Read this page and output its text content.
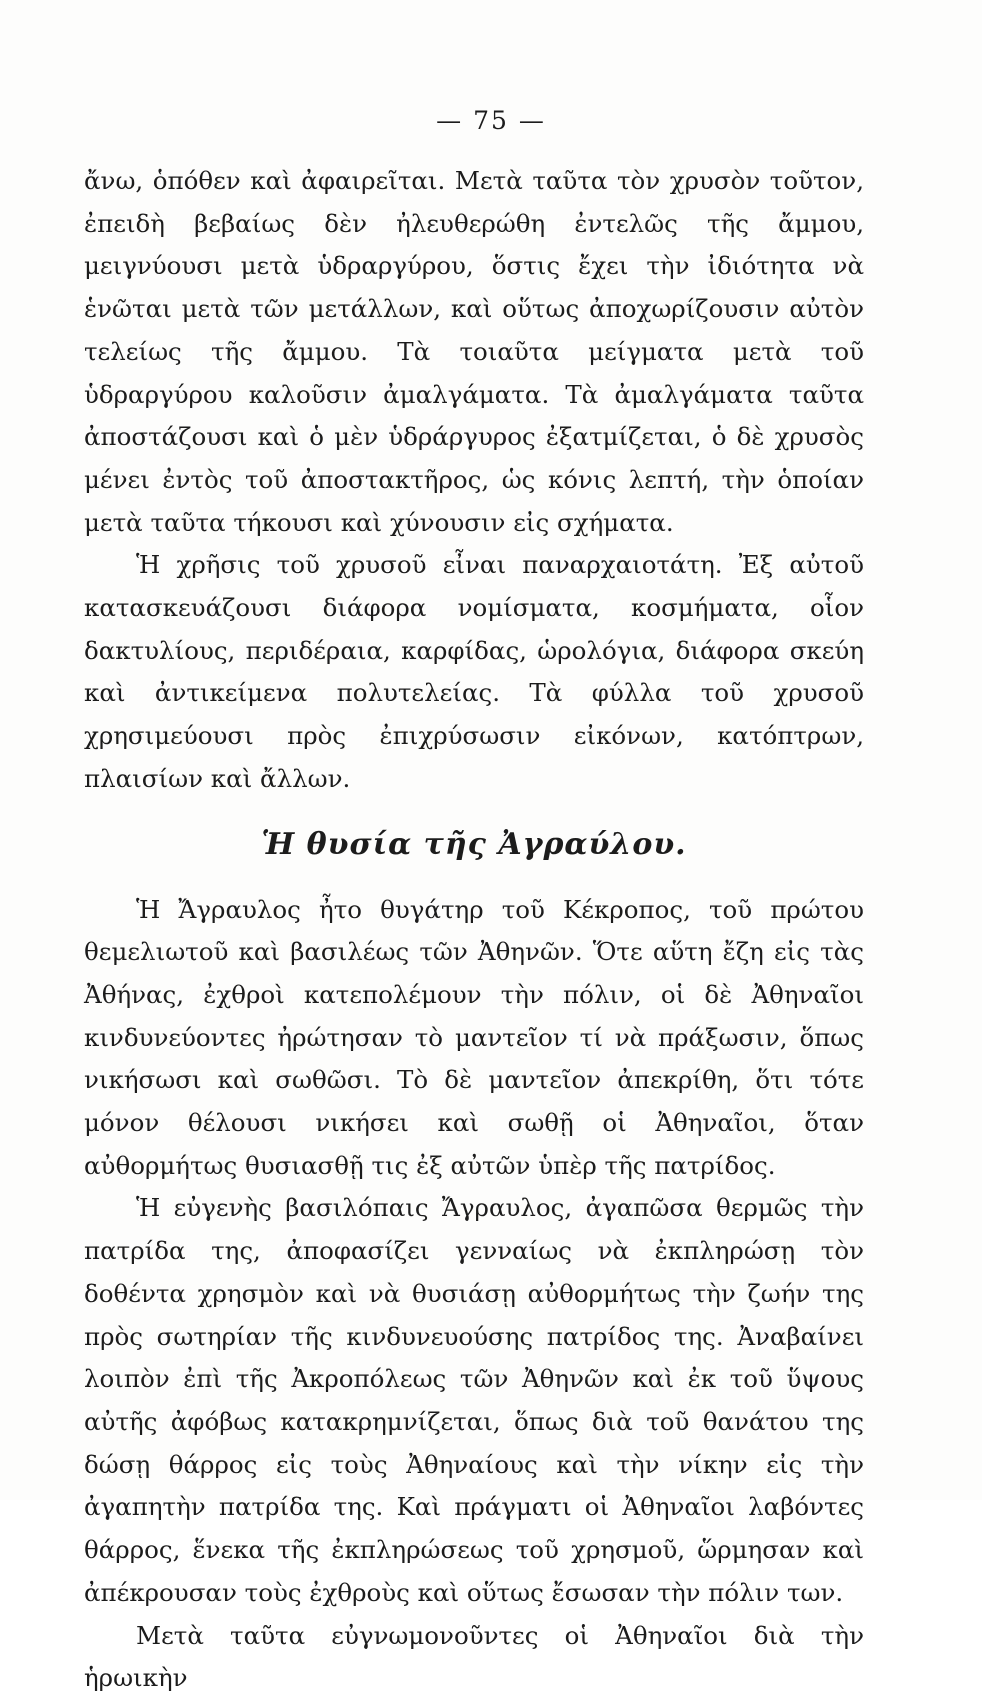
— 75 —

ἄνω, ὁπόθεν καὶ ἀφαιρεῖται. Μετὰ ταῦτα τὸν χρυσὸν τοῦτον, ἐπειδὴ βεβαίως δὲν ἠλευθερώθη ἐντελῶς τῆς ἄμμου, μειγνύουσι μετὰ ὑδραργύρου, ὅστις ἔχει τὴν ἰδιότητα νὰ ἑνῶται μετὰ τῶν μετάλλων, καὶ οὕτως ἀποχωρίζουσιν αὐτὸν τελείως τῆς ἄμμου. Τὰ τοιαῦτα μείγματα μετὰ τοῦ ὑδραργύρου καλοῦσιν ἀμαλγάματα. Τὰ ἀμαλγάματα ταῦτα ἀποστάζουσι καὶ ὁ μὲν ὑδράργυρος ἐξατμίζεται, ὁ δὲ χρυσὸς μένει ἐντὸς τοῦ ἀποστακτῆρος, ὡς κόνις λεπτή, τὴν ὁποίαν μετὰ ταῦτα τήκουσι καὶ χύνουσιν εἰς σχήματα.

Ἡ χρῆσις τοῦ χρυσοῦ εἶναι παναρχαιοτάτη. Ἐξ αὐτοῦ κατασκευάζουσι διάφορα νομίσματα, κοσμήματα, οἷον δακτυλίους, περιδέραια, καρφίδας, ὡρολόγια, διάφορα σκεύη καὶ ἀντικείμενα πολυτελείας. Τὰ φύλλα τοῦ χρυσοῦ χρησιμεύουσι πρὸς ἐπιχρύσωσιν εἰκόνων, κατόπτρων, πλαισίων καὶ ἄλλων.

Ἡ θυσία τῆς Ἀγραύλου.

Ἡ Ἄγραυλος ἦτο θυγάτηρ τοῦ Κέκροπος, τοῦ πρώτου θεμελιωτοῦ καὶ βασιλέως τῶν Ἀθηνῶν. Ὅτε αὕτη ἔζη εἰς τὰς Ἀθήνας, ἐχθροὶ κατεπολέμουν τὴν πόλιν, οἱ δὲ Ἀθηναῖοι κινδυνεύοντες ἠρώτησαν τὸ μαντεῖον τί νὰ πράξωσιν, ὅπως νικήσωσι καὶ σωθῶσι. Τὸ δὲ μαντεῖον ἀπεκρίθη, ὅτι τότε μόνον θέλουσι νικήσει καὶ σωθῇ οἱ Ἀθηναῖοι, ὅταν αὐθορμήτως θυσιασθῇ τις ἐξ αὐτῶν ὑπὲρ τῆς πατρίδος.

Ἡ εὐγενὴς βασιλόπαις Ἄγραυλος, ἀγαπῶσα θερμῶς τὴν πατρίδα της, ἀποφασίζει γενναίως νὰ ἐκπληρώσῃ τὸν δοθέντα χρησμὸν καὶ νὰ θυσιάσῃ αὐθορμήτως τὴν ζωήν της πρὸς σωτηρίαν τῆς κινδυνευούσης πατρίδος της. Ἀναβαίνει λοιπὸν ἐπὶ τῆς Ἀκροπόλεως τῶν Ἀθηνῶν καὶ ἐκ τοῦ ὕψους αὐτῆς ἀφόβως κατακρημνίζεται, ὅπως διὰ τοῦ θανάτου της δώσῃ θάρρος εἰς τοὺς Ἀθηναίους καὶ τὴν νίκην εἰς τὴν ἀγαπητὴν πατρίδα της. Καὶ πράγματι οἱ Ἀθηναῖοι λαβόντες θάρρος, ἕνεκα τῆς ἐκπληρώσεως τοῦ χρησμοῦ, ὥρμησαν καὶ ἀπέκρουσαν τοὺς ἐχθροὺς καὶ οὕτως ἔσωσαν τὴν πόλιν των.

Μετὰ ταῦτα εὐγνωμονοῦντες οἱ Ἀθηναῖοι διὰ τὴν ἡρωικὴν
